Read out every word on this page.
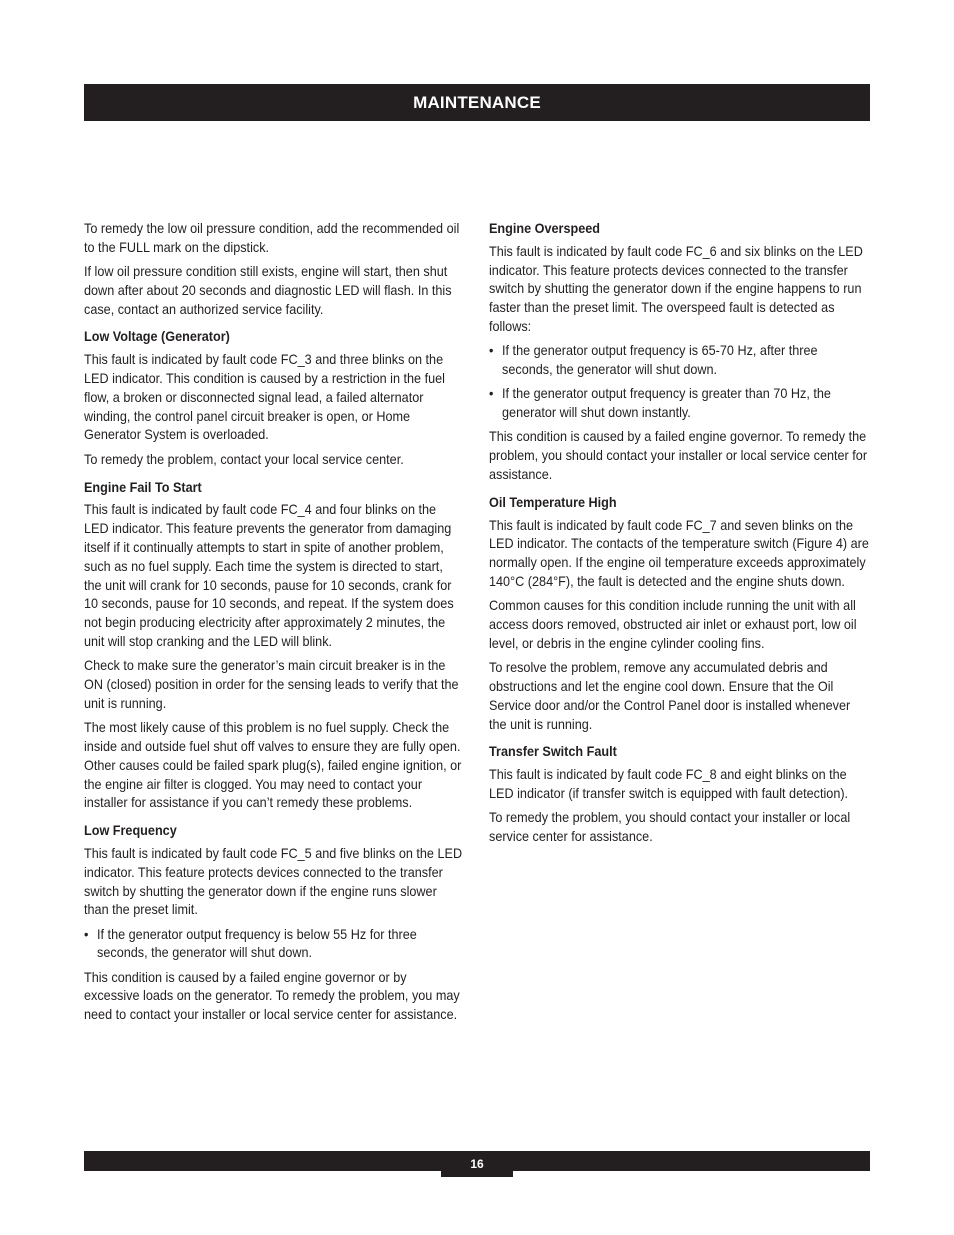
MAINTENANCE

To remedy the low oil pressure condition, add the recommended oil to the FULL mark on the dipstick.

If low oil pressure condition still exists, engine will start, then shut down after about 20 seconds and diagnostic LED will flash. In this case, contact an authorized service facility.

Low Voltage (Generator)

This fault is indicated by fault code FC_3 and three blinks on the LED indicator. This condition is caused by a restriction in the fuel flow, a broken or disconnected signal lead, a failed alternator winding, the control panel circuit breaker is open, or Home Generator System is overloaded.

To remedy the problem, contact your local service center.

Engine Fail To Start

This fault is indicated by fault code FC_4 and four blinks on the LED indicator. This feature prevents the generator from damaging itself if it continually attempts to start in spite of another problem, such as no fuel supply. Each time the system is directed to start, the unit will crank for 10 seconds, pause for 10 seconds, crank for 10 seconds, pause for 10 seconds, and repeat. If the system does not begin producing electricity after approximately 2 minutes, the unit will stop cranking and the LED will blink.

Check to make sure the generator’s main circuit breaker is in the ON (closed) position in order for the sensing leads to verify that the unit is running.

The most likely cause of this problem is no fuel supply. Check the inside and outside fuel shut off valves to ensure they are fully open. Other causes could be failed spark plug(s), failed engine ignition, or the engine air filter is clogged. You may need to contact your installer for assistance if you can’t remedy these problems.

Low Frequency

This fault is indicated by fault code FC_5 and five blinks on the LED indicator. This feature protects devices connected to the transfer switch by shutting the generator down if the engine runs slower than the preset limit.

• If the generator output frequency is below 55 Hz for three seconds, the generator will shut down.

This condition is caused by a failed engine governor or by excessive loads on the generator. To remedy the problem, you may need to contact your installer or local service center for assistance.

Engine Overspeed

This fault is indicated by fault code FC_6 and six blinks on the LED indicator. This feature protects devices connected to the transfer switch by shutting the generator down if the engine happens to run faster than the preset limit. The overspeed fault is detected as follows:

• If the generator output frequency is 65-70 Hz, after three seconds, the generator will shut down.
• If the generator output frequency is greater than 70 Hz, the generator will shut down instantly.

This condition is caused by a failed engine governor. To remedy the problem, you should contact your installer or local service center for assistance.

Oil Temperature High

This fault is indicated by fault code FC_7 and seven blinks on the LED indicator. The contacts of the temperature switch (Figure 4) are normally open. If the engine oil temperature exceeds approximately 140°C (284°F), the fault is detected and the engine shuts down.

Common causes for this condition include running the unit with all access doors removed, obstructed air inlet or exhaust port, low oil level, or debris in the engine cylinder cooling fins.

To resolve the problem, remove any accumulated debris and obstructions and let the engine cool down. Ensure that the Oil Service door and/or the Control Panel door is installed whenever the unit is running.

Transfer Switch Fault

This fault is indicated by fault code FC_8 and eight blinks on the LED indicator (if transfer switch is equipped with fault detection).

To remedy the problem, you should contact your installer or local service center for assistance.

16
